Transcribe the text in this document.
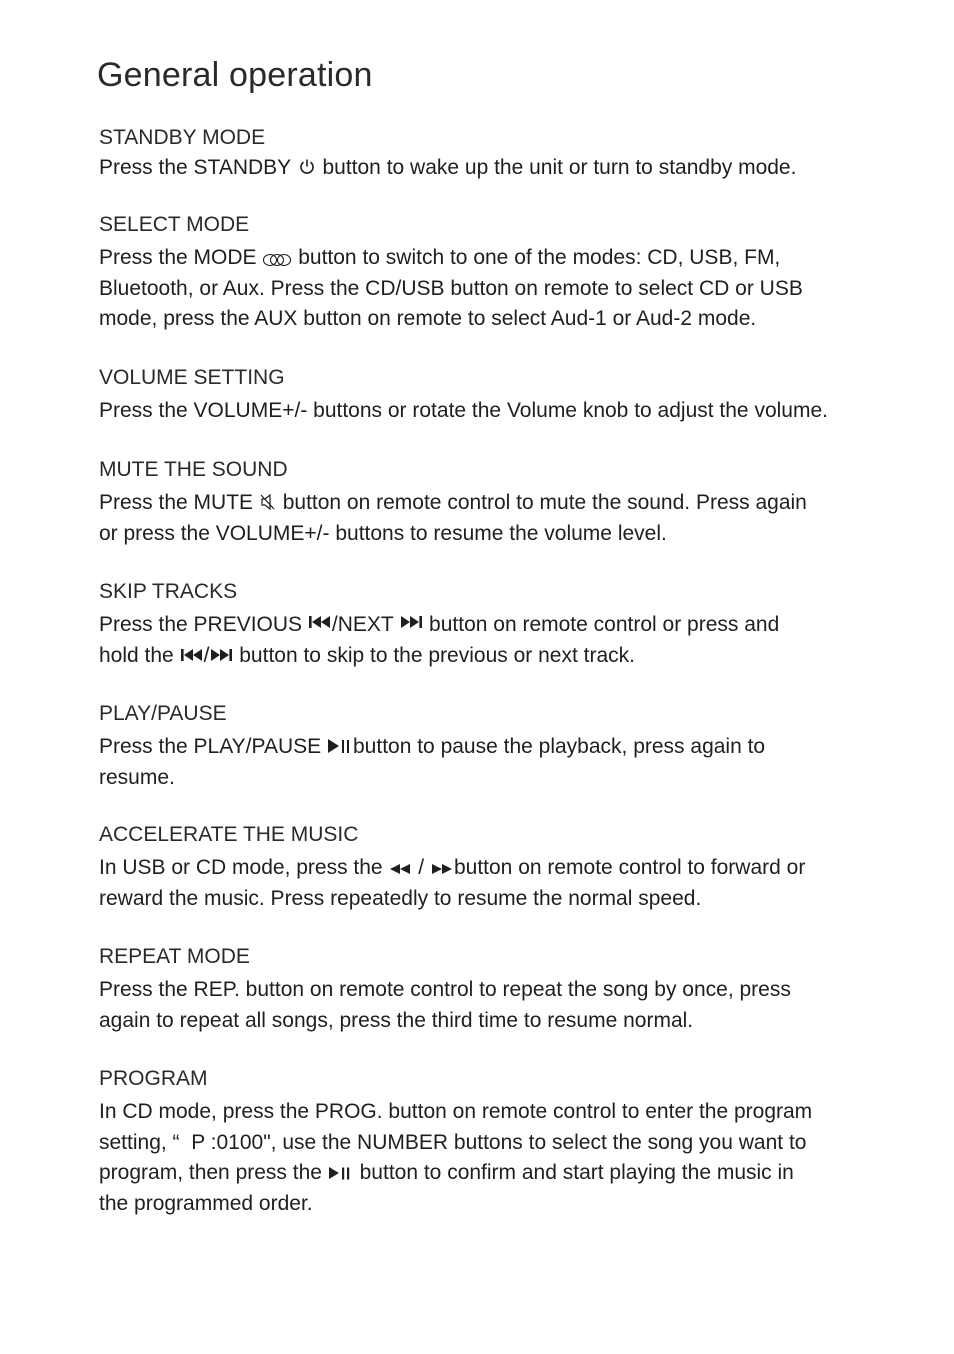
General operation

STANDBY MODE

Press the STANDBY
button to wake up the unit or turn to standby mode.

SELECT MODE

Press the MODE
button to switch to one of the modes: CD, USB, FM,
Bluetooth, or Aux. Press the CD/USB button on remote to select CD or USB
mode, press the AUX button on remote to select Aud-1 or Aud-2 mode.

VOLUME SETTING

Press the VOLUME+/- buttons or rotate the Volume knob to adjust the volume.

MUTE THE SOUND

Press the MUTE
button on remote control to mute the sound. Press again
or press the VOLUME+/- buttons to resume the volume level.

SKIP TRACKS

Press the PREVIOUS
/NEXT
button on remote control or press and
hold the
/
button to skip to the previous or next track.

PLAY/PAUSE

Press the PLAY/PAUSE
button to pause the playback, press again to
resume.

ACCELERATE THE MUSIC

In USB or CD mode, press the
/
button on remote control to forward or
reward the music. Press repeatedly to resume the normal speed.

REPEAT MODE

Press the REP. button on remote control to repeat the song by once, press
again to repeat all songs, press the third time to resume normal.

PROGRAM

In CD mode, press the PROG. button on remote control to enter the program
setting, “  P :0100", use the NUMBER buttons to select the song you want to
program, then press the
button to confirm and start playing the music in
the programmed order.
